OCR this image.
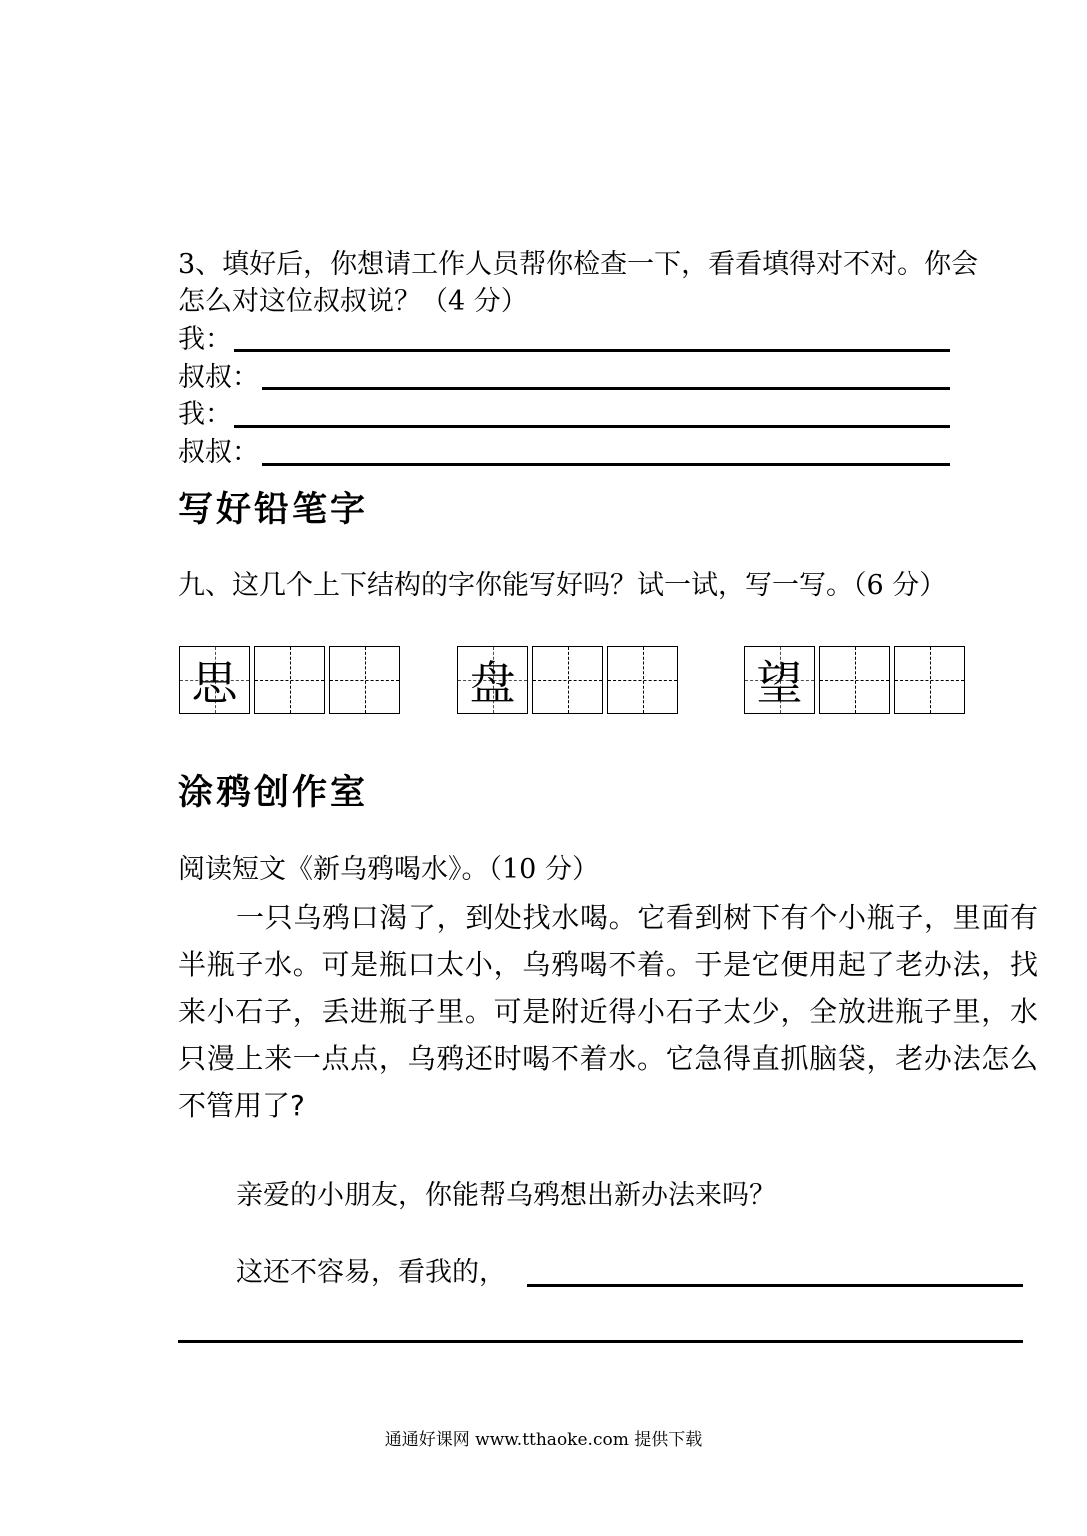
3、填好后，你想请工作人员帮你检查一下，看看填得对不对。你会
怎么对这位叔叔说？（4 分）
我：
叔叔：
我：
叔叔：
写好铅笔字
九、这几个上下结构的字你能写好吗？试一试，写一写。（6 分）
思	盘	望
涂鸦创作室
阅读短文《新乌鸦喝水》。（10 分）
一只乌鸦口渴了，到处找水喝。它看到树下有个小瓶子，里面有半瓶子水。可是瓶口太小，乌鸦喝不着。于是它便用起了老办法，找来小石子，丢进瓶子里。可是附近得小石子太少，全放进瓶子里，水只漫上来一点点，乌鸦还时喝不着水。它急得直抓脑袋，老办法怎么不管用了?
亲爱的小朋友，你能帮乌鸦想出新办法来吗？
这还不容易，看我的，
通通好课网 www.tthaoke.com 提供下载
